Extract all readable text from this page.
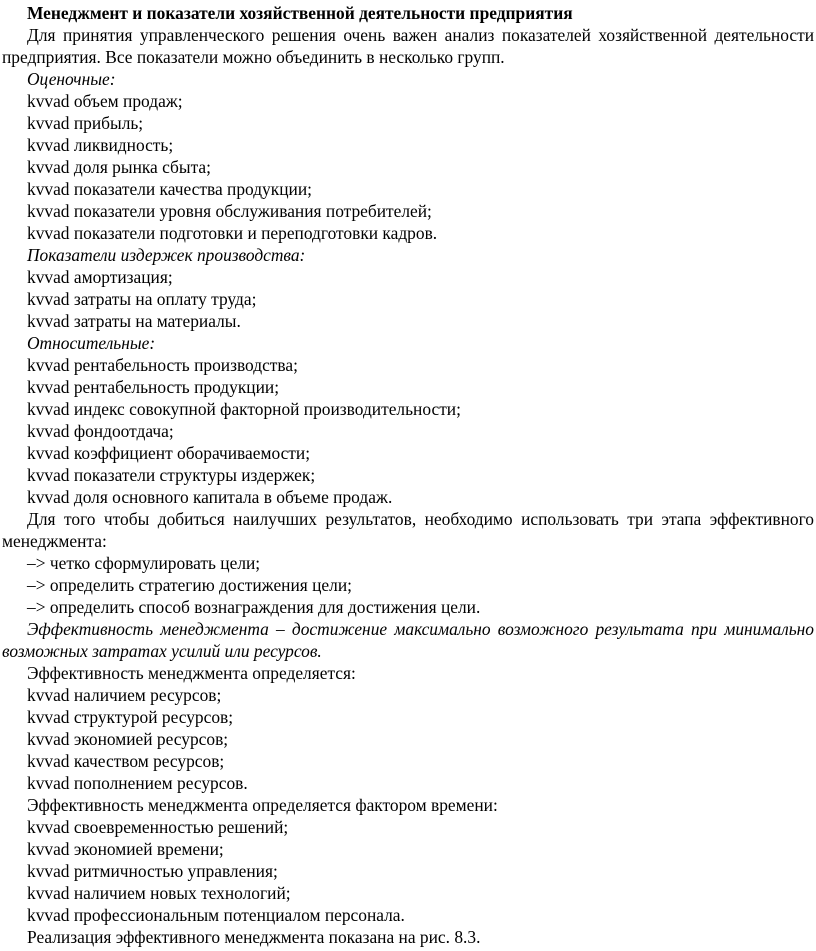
Менеджмент и показатели хозяйственной деятельности предприятия

Для принятия управленческого решения очень важен анализ показателей хозяйственной деятельности предприятия. Все показатели можно объединить в несколько групп.

Оценочные:
kvvad объем продаж;
kvvad прибыль;
kvvad ликвидность;
kvvad доля рынка сбыта;
kvvad показатели качества продукции;
kvvad показатели уровня обслуживания потребителей;
kvvad показатели подготовки и переподготовки кадров.
Показатели издержек производства:
kvvad амортизация;
kvvad затраты на оплату труда;
kvvad затраты на материалы.
Относительные:
kvvad рентабельность производства;
kvvad рентабельность продукции;
kvvad индекс совокупной факторной производительности;
kvvad фондоотдача;
kvvad коэффициент оборачиваемости;
kvvad показатели структуры издержек;
kvvad доля основного капитала в объеме продаж.

Для того чтобы добиться наилучших результатов, необходимо использовать три этапа эффективного менеджмента:

–> четко сформулировать цели;
–> определить стратегию достижения цели;
–> определить способ вознаграждения для достижения цели.

Эффективность менеджмента – достижение максимально возможного результата при минимально возможных затратах усилий или ресурсов.

Эффективность менеджмента определяется:
kvvad наличием ресурсов;
kvvad структурой ресурсов;
kvvad экономией ресурсов;
kvvad качеством ресурсов;
kvvad пополнением ресурсов.
Эффективность менеджмента определяется фактором времени:
kvvad своевременностью решений;
kvvad экономией времени;
kvvad ритмичностью управления;
kvvad наличием новых технологий;
kvvad профессиональным потенциалом персонала.
Реализация эффективного менеджмента показана на рис. 8.3.
